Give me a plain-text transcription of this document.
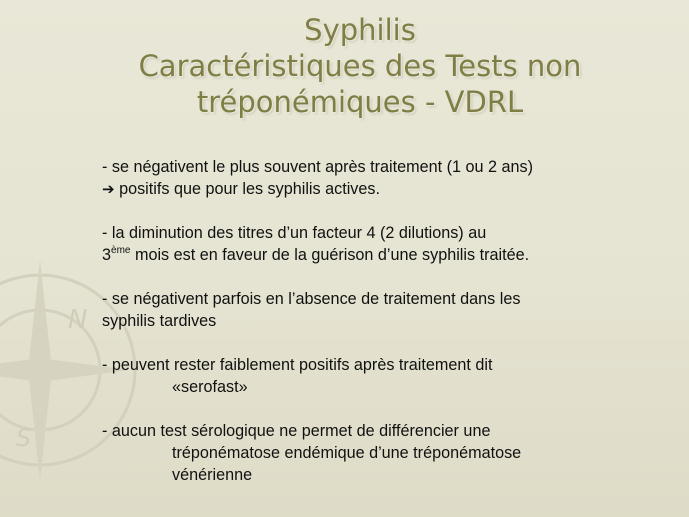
N
S
Syphilis
Caractéristiques des Tests non
tréponémiques - VDRL
- se négativent le plus souvent après traitement (1 ou 2 ans)
➔ positifs que pour les syphilis actives.
- la diminution des titres d’un facteur 4 (2 dilutions) au
3ème mois est en faveur de la guérison d’une syphilis traitée.
- se négativent parfois en l’absence de traitement dans les
syphilis tardives
- peuvent rester faiblement positifs après traitement dit
«serofast»
- aucun test sérologique ne permet de différencier une
tréponématose endémique d’une tréponématose
vénérienne
